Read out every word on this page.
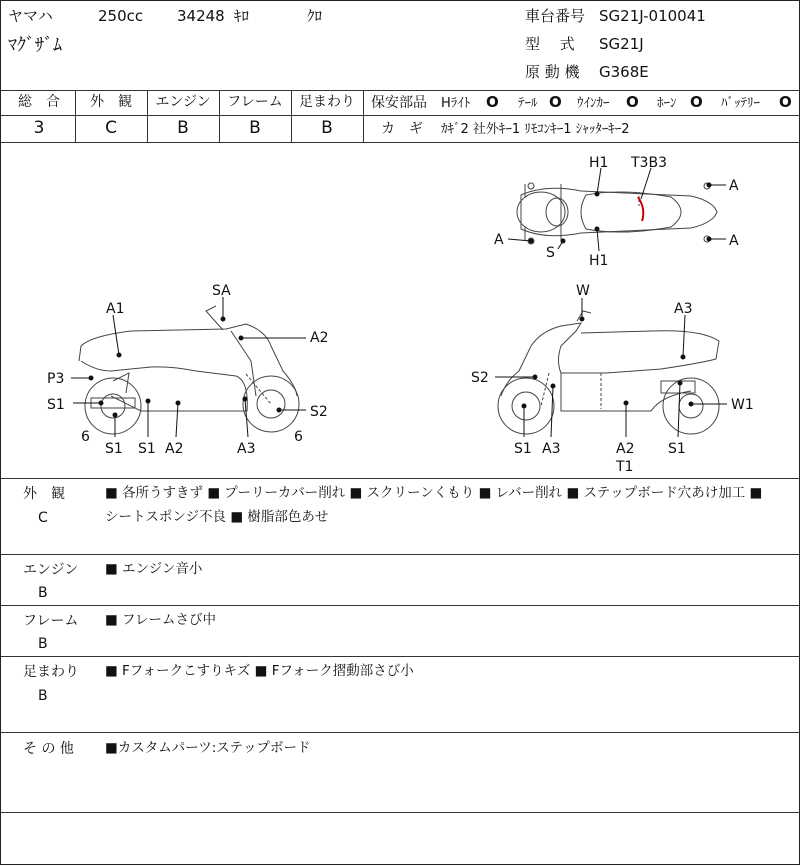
ヤマハ	250cc 34248 ｷﾛ	ｸﾛ
ﾏｸﾞｻﾞﾑ
車台番号 SG21J-010041
型　 式 SG21J
原 動 機 G368E
総　合	外　観	エンジン	フレーム	足まわり
3	C	B	B	B
保安部品 Hﾗｲﾄ O ﾃｰﾙ O ｳｲﾝｶｰ O ﾎｰﾝ O ﾊﾞｯﾃﾘｰ O
カ　ギ ｶｷﾞ2 社外ｷｰ1 ﾘﾓｺﾝｷｰ1 ｼｬｯﾀｰｷｰ2
H1 T3B3
A
A
A
S H1
A1
SA
A2
P3
S1
6
S1 S1 A2	A3
S2
6
W
A3
S2
S1 A3	A2
T1
S1
W1
外　観
C
■ 各所うすきず ■ プーリーカバー削れ ■ スクリーンくもり ■ レバー削れ ■ ステップボード穴あけ加工 ■
シートスポンジ不良 ■ 樹脂部色あせ
エンジン
B
■ エンジン音小
フレーム
B
■ フレームさび中
足まわり
B
■ Fフォークこすりキズ ■ Fフォーク摺動部さび小
そ の 他 ■カスタムパーツ:ステップボード
